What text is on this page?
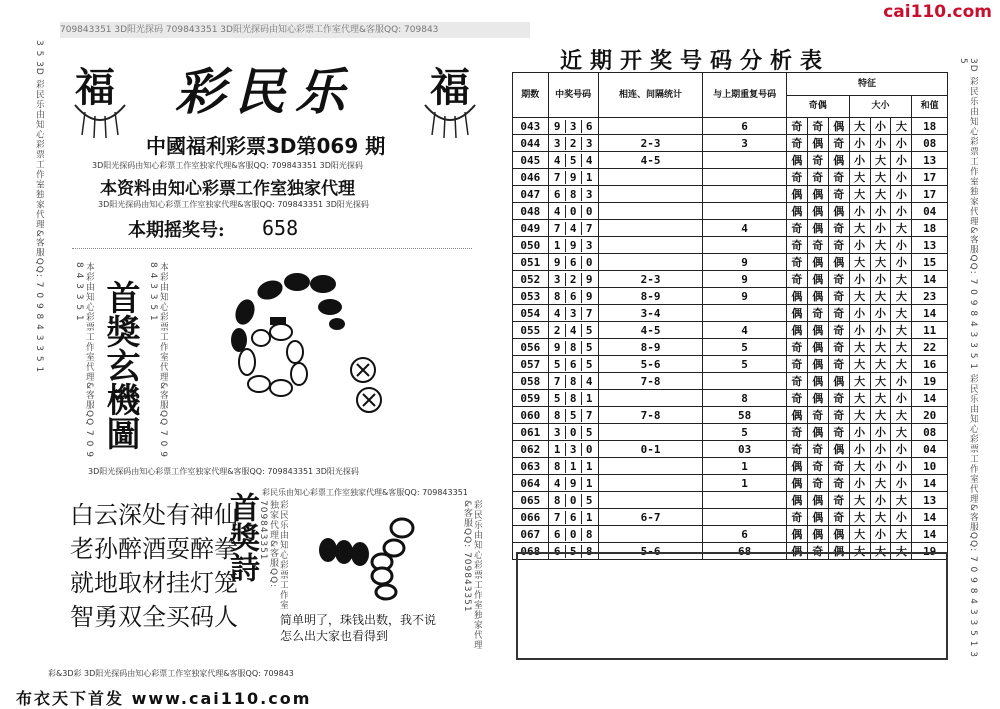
cai110.com
709843351 3D阳光探码 709843351 3D阳光探码由知心彩票工作室代理&客服QQ: 709843
3 5 3D 彩民乐由知心彩票工作室独家代理&客服QQ: 7 0 9 8 4 3 3 5 1	3D 彩民乐由知心彩票工作室独家代理&客服QQ: 7 0 9 8 4 3 3 5 1 彩民乐由知心彩票工作室代理&客服QQ: 7 0 9 8 4 3 3 5 1 3 5
福	福
彩民乐
中國福利彩票3D第069 期
3D阳光探码由知心彩票工作室独家代理&客服QQ: 709843351 3D阳光探码
本资料由知心彩票工作室独家代理
3D阳光探码由知心彩票工作室独家代理&客服QQ: 709843351 3D阳光探码
本期摇奖号: 658
本彩由知心彩票工作室代理&客服QQ 7 0 9 8 4 3 3 5 1	本彩由知心彩票工作室代理&客服QQ 7 0 9 8 4 3 3 5 1
首獎玄機圖
3D阳光探码由知心彩票工作室独家代理&客服QQ: 709843351 3D阳光探码
白云深处有神仙
老孙醉酒耍醉拳
就地取材挂灯笼
智勇双全买码人
首獎詩 彩民乐由知心彩票工作室独家代理&客服QQ: 709843351
彩民乐由知心彩票工作室独家代理&客服QQ: 709843351	彩民乐由知心彩票工作室独家代理&客服QQ: 709843351
简单明了，珠钱出数，我不说
怎么出大家也看得到
彩&3D彩 3D阳光探码由知心彩票工作室独家代理&客服QQ: 709843
布衣天下首发 www.cai110.com
近期开奖号码分析表
期数	中奖号码	相连、间隔统计	与上期重复号码	特征						
				奇偶			大小			和值
043	9 3 6		6	奇	奇	偶	大	小	大	18
044	3 2 3	2-3	3	奇	偶	奇	小	小	小	08
045	4 5 4	4-5		偶	奇	偶	小	大	小	13
046	7 9 1			奇	奇	奇	大	大	小	17
047	6 8 3			偶	偶	奇	大	大	小	17
048	4 0 0			偶	偶	偶	小	小	小	04
049	7 4 7		4	奇	偶	奇	大	小	大	18
050	1 9 3			奇	奇	奇	小	大	小	13
051	9 6 0		9	奇	偶	偶	大	大	小	15
052	3 2 9	2-3	9	奇	偶	奇	小	小	大	14
053	8 6 9	8-9	9	偶	偶	奇	大	大	大	23
054	4 3 7	3-4		偶	奇	奇	小	小	大	14
055	2 4 5	4-5	4	偶	偶	奇	小	小	大	11
056	9 8 5	8-9	5	奇	偶	奇	大	大	大	22
057	5 6 5	5-6	5	奇	偶	奇	大	大	大	16
058	7 8 4	7-8		奇	偶	偶	大	大	小	19
059	5 8 1		8	奇	偶	奇	大	大	小	14
060	8 5 7	7-8	58	偶	奇	奇	大	大	大	20
061	3 0 5		5	奇	偶	奇	小	小	大	08
062	1 3 0	0-1	03	奇	奇	偶	小	小	小	04
063	8 1 1		1	偶	奇	奇	大	小	小	10
064	4 9 1		1	偶	奇	奇	小	大	小	14
065	8 0 5			偶	偶	奇	大	小	大	13
066	7 6 1	6-7		奇	偶	奇	大	大	小	14
067	6 0 8		6	偶	偶	偶	大	小	大	14
068	6 5 8	5-6	68	偶	奇	偶	大	大	大	19
